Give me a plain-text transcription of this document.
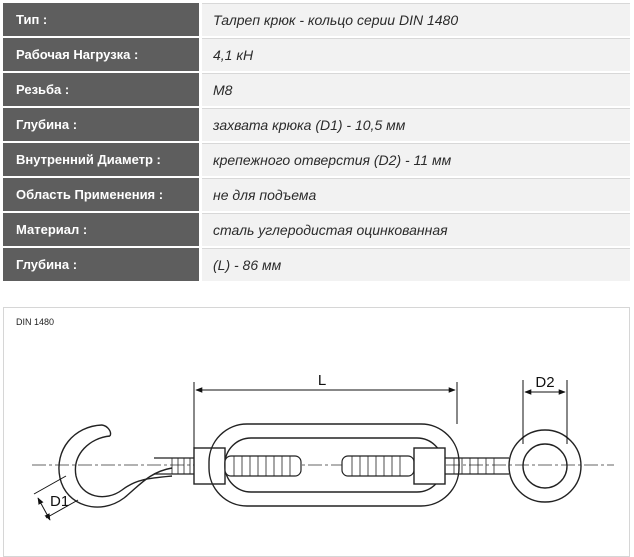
Тип :	Талреп крюк - кольцо серии DIN 1480
Рабочая Нагрузка :	4,1 кН
Резьба :	М8
Глубина :	захвата крюка (D1) - 10,5 мм
Внутренний Диаметр :	крепежного отверстия (D2) - 11 мм
Область Применения :	не для подъема
Материал :	сталь углеродистая оцинкованная
Глубина :	(L) - 86 мм
DIN 1480
L	D2
D1
